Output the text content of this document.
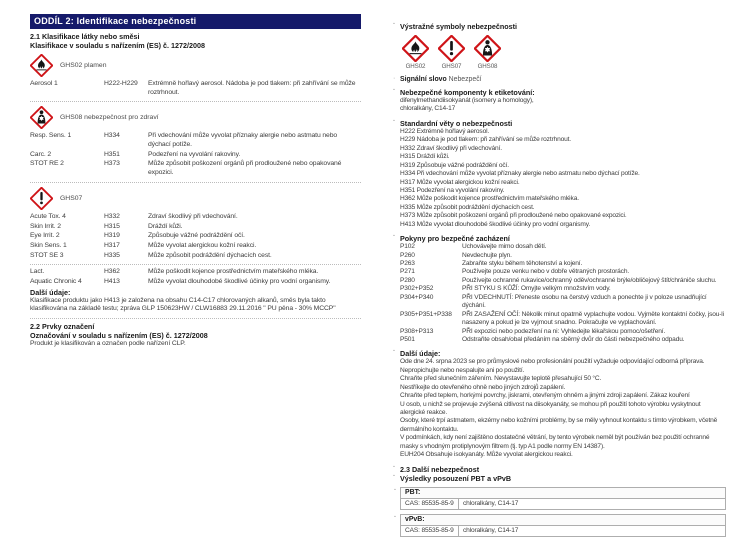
ODDÍL 2: Identifikace nebezpečnosti
2.1 Klasifikace látky nebo směsi
Klasifikace v souladu s nařízením (ES) č. 1272/2008
GHS02 plamen
Aerosol 1	H222-H229	Extrémně hořlavý aerosol. Nádoba je pod tlakem: při zahřívání se může roztrhnout.
GHS08 nebezpečnost pro zdraví
Resp. Sens. 1	H334	Při vdechování může vyvolat příznaky alergie nebo astmatu nebo dýchací potíže.
Carc. 2	H351	Podezření na vyvolání rakoviny.
STOT RE 2	H373	Může způsobit poškození orgánů při prodloužené nebo opakované expozici.
GHS07
Acute Tox. 4	H332	Zdraví škodlivý při vdechování.
Skin Irrit. 2	H315	Dráždí kůži.
Eye Irrit. 2	H319	Způsobuje vážné podráždění očí.
Skin Sens. 1	H317	Může vyvolat alergickou kožní reakci.
STOT SE 3	H335	Může způsobit podráždění dýchacích cest.
Lact.	H362	Může poškodit kojence prostřednictvím mateřského mléka.
Aquatic Chronic 4	H413	Může vyvolat dlouhodobé škodlivé účinky pro vodní organismy.
Další údaje:
Klasifikace produktu jako H413 je založena na obsahu C14-C17 chlorovaných alkanů, směs byla takto klasifikována na základě testu; zpráva GLP 150623HW / CLW16883 29.11.2016 " PU pěna - 30% MCCP"
2.2 Prvky označení
Označování v souladu s nařízením (ES) č. 1272/2008
Produkt je klasifikován a označen podle nařízení CLP.
· Výstražné symboly nebezpečnosti
GHS02	GHS07	GHS08
· Signální slovo Nebezpečí
· Nebezpečné komponenty k etiketování:
difenylmethandiisokyanát (isomery a homology),
chloralkány, C14-17
· Standardní věty o nebezpečnosti
H222 Extrémně hořlavý aerosol.
H229 Nádoba je pod tlakem: při zahřívání se může roztrhnout.
H332 Zdraví škodlivý při vdechování.
H315 Dráždí kůži.
H319 Způsobuje vážné podráždění očí.
H334 Při vdechování může vyvolat příznaky alergie nebo astmatu nebo dýchací potíže.
H317 Může vyvolat alergickou kožní reakci.
H351 Podezření na vyvolání rakoviny.
H362 Může poškodit kojence prostřednictvím mateřského mléka.
H335 Může způsobit podráždění dýchacích cest.
H373 Může způsobit poškození orgánů při prodloužené nebo opakované expozici.
H413 Může vyvolat dlouhodobé škodlivé účinky pro vodní organismy.
· Pokyny pro bezpečné zacházení
P102	Uchovávejte mimo dosah dětí.
P260	Nevdechujte plyn.
P263	Zabraňte styku během těhotenství a kojení.
P271	Používejte pouze venku nebo v dobře větraných prostorách.
P280	Používejte ochranné rukavice/ochranný oděv/ochranné brýle/obličejový štít/chrániče sluchu.
P302+P352	PŘI STYKU S KŮŽÍ: Omyjte velkým množstvím vody.
P304+P340	PŘI VDECHNUTÍ: Přeneste osobu na čerstvý vzduch a ponechte ji v poloze usnadňující dýchání.
P305+P351+P338	PŘI ZASAŽENÍ OČÍ: Několik minut opatrně vyplachujte vodou. Vyjměte kontaktní čočky, jsou-li nasazeny a pokud je lze vyjmout snadno. Pokračujte ve vyplachování.
P308+P313	PŘI expozici nebo podezření na ni: Vyhledejte lékařskou pomoc/ošetření.
P501	Odstraňte obsah/obal předáním na sběrný dvůr do části nebezpečného odpadu.
· Další údaje:
Ode dne 24. srpna 2023 se pro průmyslové nebo profesionální použití vyžaduje odpovídající odborná příprava.
Nepropichujte nebo nespalujte ani po použití.
Chraňte před slunečním zářením. Nevystavujte teplotě přesahující 50 °C.
Nestříkejte do otevřeného ohně nebo jiných zdrojů zapálení.
Chraňte před teplem, horkými povrchy, jiskrami, otevřeným ohněm a jinými zdroji zapálení. Zákaz kouření
U osob, u nichž se projevuje zvýšená citlivost na diisokyanáty, se mohou při použití tohoto výrobku vyskytnout alergické reakce.
Osoby, které trpí astmatem, ekzémy nebo kožními problémy, by se měly vyhnout kontaktu s tímto výrobkem, včetně dermálního kontaktu.
V podmínkách, kdy není zajištěno dostatečné větrání, by tento výrobek neměl být používán bez použití ochranné masky s vhodným protiplynovým filtrem (tj. typ A1 podle normy EN 14387).
EUH204 Obsahuje isokyanáty. Může vyvolat alergickou reakci.
· 2.3 Další nebezpečnost
· Výsledky posouzení PBT a vPvB
· PBT:
CAS: 85535-85-9	chloralkány, C14-17
· vPvB:
CAS: 85535-85-9	chloralkány, C14-17
